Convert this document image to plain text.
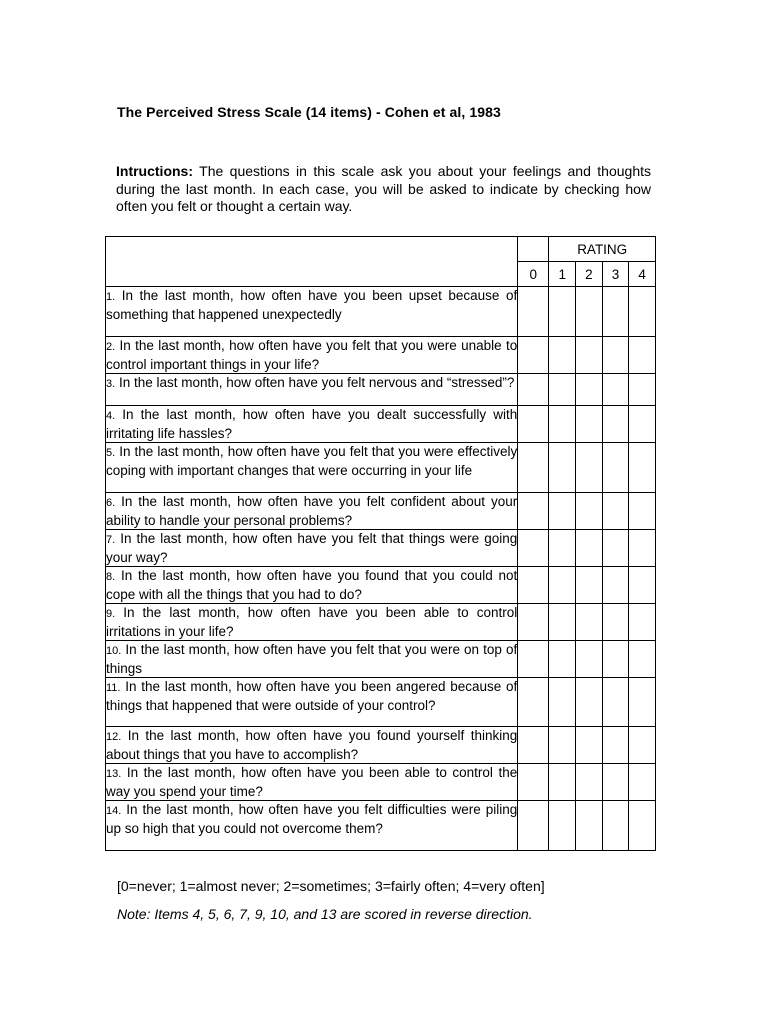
The Perceived Stress Scale (14 items) - Cohen et al, 1983
Intructions: The questions in this scale ask you about your feelings and thoughts during the last month. In each case, you will be asked to indicate by checking how often you felt or thought a certain way.
		RATING			
	0	1	2	3	4
1. In the last month, how often have you been upset because of something that happened unexpectedly					
2. In the last month, how often have you felt that you were unable to control important things in your life?					
3. In the last month, how often have you felt nervous and “stressed”?					
4. In the last month, how often have you dealt successfully with irritating life hassles?					
5. In the last month, how often have you felt that you were effectively coping with important changes that were occurring in your life					
6. In the last month, how often have you felt confident about your ability to handle your personal problems?					
7. In the last month, how often have you felt that things were going your way?					
8. In the last month, how often have you found that you could not cope with all the things that you had to do?					
9. In the last month, how often have you been able to control irritations in your life?					
10. In the last month, how often have you felt that you were on top of things					
11. In the last month, how often have you been angered because of things that happened that were outside of your control?					
12. In the last month, how often have you found yourself thinking about things that you have to accomplish?					
13. In the last month, how often have you been able to control the way you spend your time?					
14. In the last month, how often have you felt difficulties were piling up so high that you could not overcome them?					
[0=never; 1=almost never; 2=sometimes; 3=fairly often; 4=very often]
Note: Items 4, 5, 6, 7, 9, 10, and 13 are scored in reverse direction.
